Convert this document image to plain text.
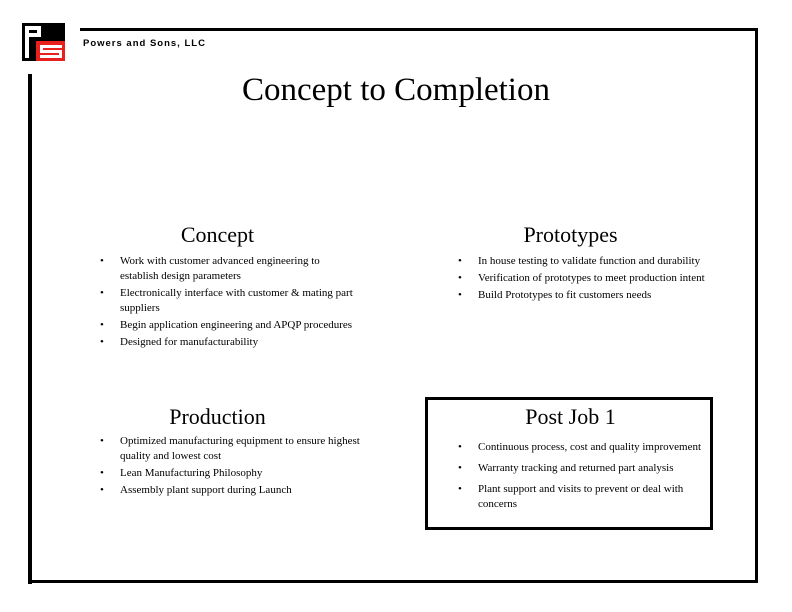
Powers and Sons, LLC
Concept to Completion
Concept
• Work with customer advanced engineering to establish design parameters
• Electronically interface with customer & mating part suppliers
• Begin application engineering and APQP procedures
• Designed for manufacturability
Prototypes
• In house testing to validate function and durability
• Verification of prototypes to meet production intent
• Build Prototypes to fit customers needs
Production
• Optimized manufacturing equipment to ensure highest quality and lowest cost
• Lean Manufacturing Philosophy
• Assembly plant support during Launch
Post Job 1
• Continuous process, cost and quality improvement
• Warranty tracking and returned part analysis
• Plant support and visits to prevent or deal with concerns
